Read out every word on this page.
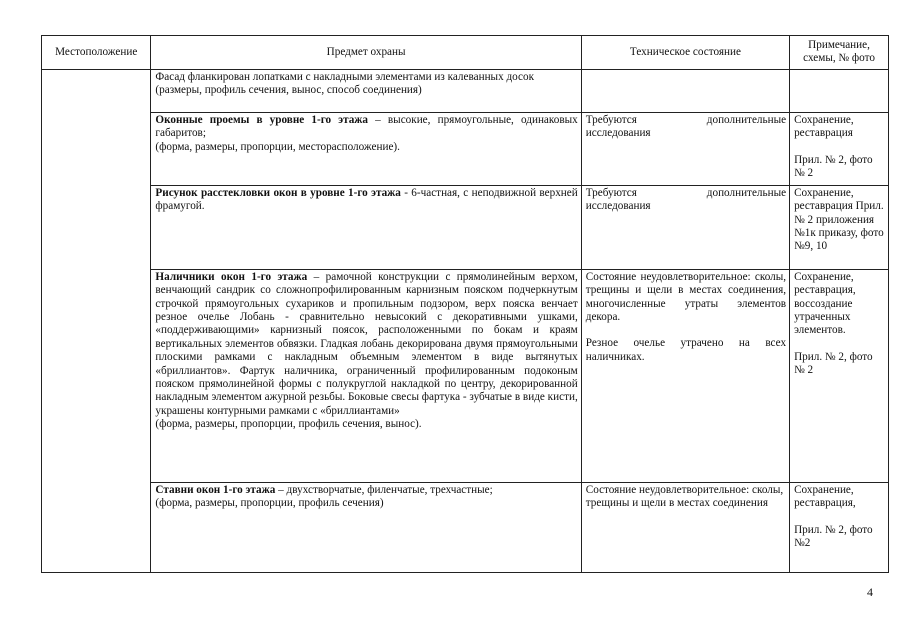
Местоположение	Предмет охраны	Техническое состояние	Примечание, схемы, № фото

	Фасад фланкирован лопатками с накладными элементами из калеванных досок
(размеры, профиль сечения, вынос, способ соединения)		

	Оконные проемы в уровне 1-го этажа – высокие, прямоугольные, одинаковых габаритов;
(форма, размеры, пропорции, месторасположение).	Требуются дополнительные исследования	Сохранение, реставрация
Прил. № 2, фото № 2

	Рисунок расстекловки окон в уровне 1-го этажа - 6-частная, с неподвижной верхней фрамугой.	Требуются дополнительные исследования	Сохранение, реставрация Прил. № 2 приложения №1к приказу, фото №9, 10
	Наличники окон 1-го этажа – рамочной конструкции с прямолинейным верхом, венчающий сандрик со сложнопрофилированным карнизным пояском подчеркнутым строчкой прямоугольных сухариков и пропильным подзором, верх пояска венчает резное очелье Лобань - сравнительно невысокий с декоративными ушками, «поддерживающими» карнизный поясок, расположенными по бокам и краям вертикальных элементов обвязки. Гладкая лобань декорирована двумя прямоугольными плоскими рамками с накладным объемным элементом в виде вытянутых «бриллиантов». Фартук наличника, ограниченный профилированным подоконым пояском прямолинейной формы с полукруглой накладкой по центру, декорированной накладным элементом ажурной резьбы. Боковые свесы фартука - зубчатые в виде кисти, украшены контурными рамками с «бриллиантами»
(форма, размеры, пропорции, профиль сечения, вынос).	Состояние неудовлетворительное: сколы, трещины и щели в местах соединения, многочисленные утраты элементов декора.
Резное очелье утрачено на всех наличниках.	Сохранение, реставрация, воссоздание утраченных элементов.
Прил. № 2, фото № 2

	Ставни окон 1-го этажа – двухстворчатые, филенчатые, трехчастные;
(форма, размеры, пропорции, профиль сечения)	Состояние неудовлетворительное: сколы, трещины и щели в местах соединения	Сохранение, реставрация,
Прил. № 2, фото №2
4
